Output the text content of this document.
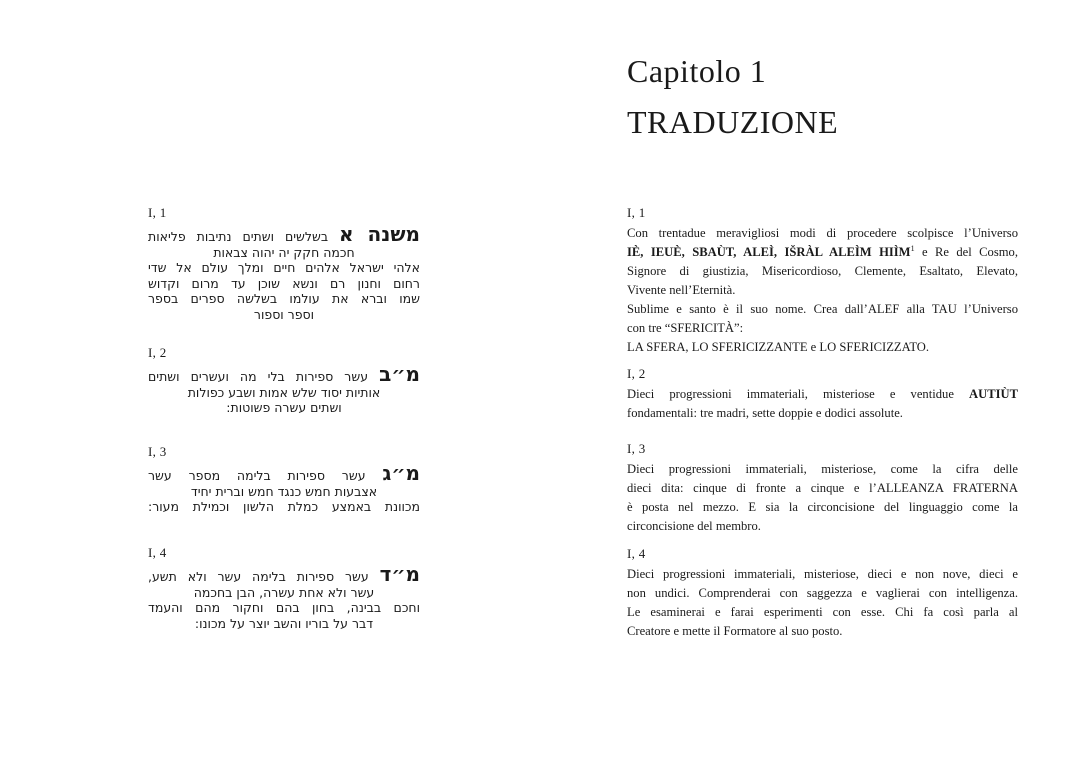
Capitolo 1
TRADUZIONE
I, 1
משנה א בשלשים ושתים נתיבות פליאות
חכמה חקק יה יהוה צבאות
אלהי ישראל אלהים חיים ומלך עולם אל שדי
רחום וחנון רם ונשא שוכן עד מרום וקדוש
שמו וברא את עולמו בשלשה ספרים בספר
וספר וספור
I, 2
מ״ב עשר ספירות בלי מה ועשרים ושתים
אותיות יסוד שלש אמות ושבע כפולות
ושתים עשרה פשוטות:
I, 3
מ״ג עשר ספירות בלימה מספר עשר
אצבעות חמש כנגד חמש וברית יחיד
מכוונת באמצע כמלת הלשון וכמילת מעור:
I, 4
מ״ד עשר ספירות בלימה עשר ולא תשע,
עשר ולא אחת עשרה, הבן בחכמה
וחכם בבינה, בחון בהם וחקור מהם והעמד
דבר על בוריו והשב יוצר על מכונו:
I, 1
Con trentadue meravigliosi modi di procedere scolpisce l’Universo
IÈ, IEUÈ, SBAÙT, ALEÌ, IŠRÀL ALEÌM HIÌM$^1$ e Re del Cosmo,
Signore di giustizia, Misericordioso, Clemente, Esaltato, Elevato,
Vivente nell’Eternità.
Sublime e santo è il suo nome. Crea dall’ALEF alla TAU l’Universo
con tre “SFERICITÀ”:
LA SFERA, LO SFERICIZZANTE e LO SFERICIZZATO.
I, 2
Dieci progressioni immateriali, misteriose e ventidue AUTIÙT
fondamentali: tre madri, sette doppie e dodici assolute.
I, 3
Dieci progressioni immateriali, misteriose, come la cifra delle
dieci dita: cinque di fronte a cinque e l’ALLEANZA FRATERNA
è posta nel mezzo. E sia la circoncisione del linguaggio come la
circoncisione del membro.
I, 4
Dieci progressioni immateriali, misteriose, dieci e non nove, dieci e
non undici. Comprenderai con saggezza e vaglierai con intelligenza.
Le esaminerai e farai esperimenti con esse. Chi fa così parla al
Creatore e mette il Formatore al suo posto.
